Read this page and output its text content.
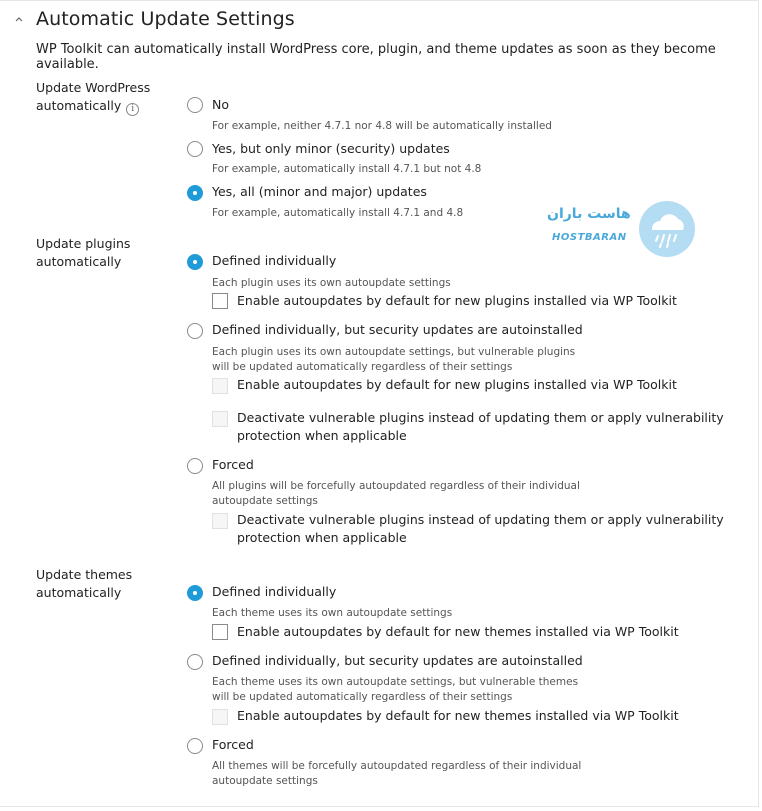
Automatic Update Settings
WP Toolkit can automatically install WordPress core, plugin, and theme updates as soon as they become available.
Update WordPress
automatically i	No
For example, neither 4.7.1 nor 4.8 will be automatically installed
Yes, but only minor (security) updates
For example, automatically install 4.7.1 but not 4.8
Yes, all (minor and major) updates
For example, automatically install 4.7.1 and 4.8	هاست باران
HOSTBARAN
Update plugins
automatically	Defined individually
Each plugin uses its own autoupdate settings
Enable autoupdates by default for new plugins installed via WP Toolkit
Defined individually, but security updates are autoinstalled
Each plugin uses its own autoupdate settings, but vulnerable plugins
will be updated automatically regardless of their settings
Enable autoupdates by default for new plugins installed via WP Toolkit
Deactivate vulnerable plugins instead of updating them or apply vulnerability
protection when applicable
Forced
All plugins will be forcefully autoupdated regardless of their individual
autoupdate settings
Deactivate vulnerable plugins instead of updating them or apply vulnerability
protection when applicable
Update themes
automatically	Defined individually
Each theme uses its own autoupdate settings
Enable autoupdates by default for new themes installed via WP Toolkit
Defined individually, but security updates are autoinstalled
Each theme uses its own autoupdate settings, but vulnerable themes
will be updated automatically regardless of their settings
Enable autoupdates by default for new themes installed via WP Toolkit
Forced
All themes will be forcefully autoupdated regardless of their individual
autoupdate settings
